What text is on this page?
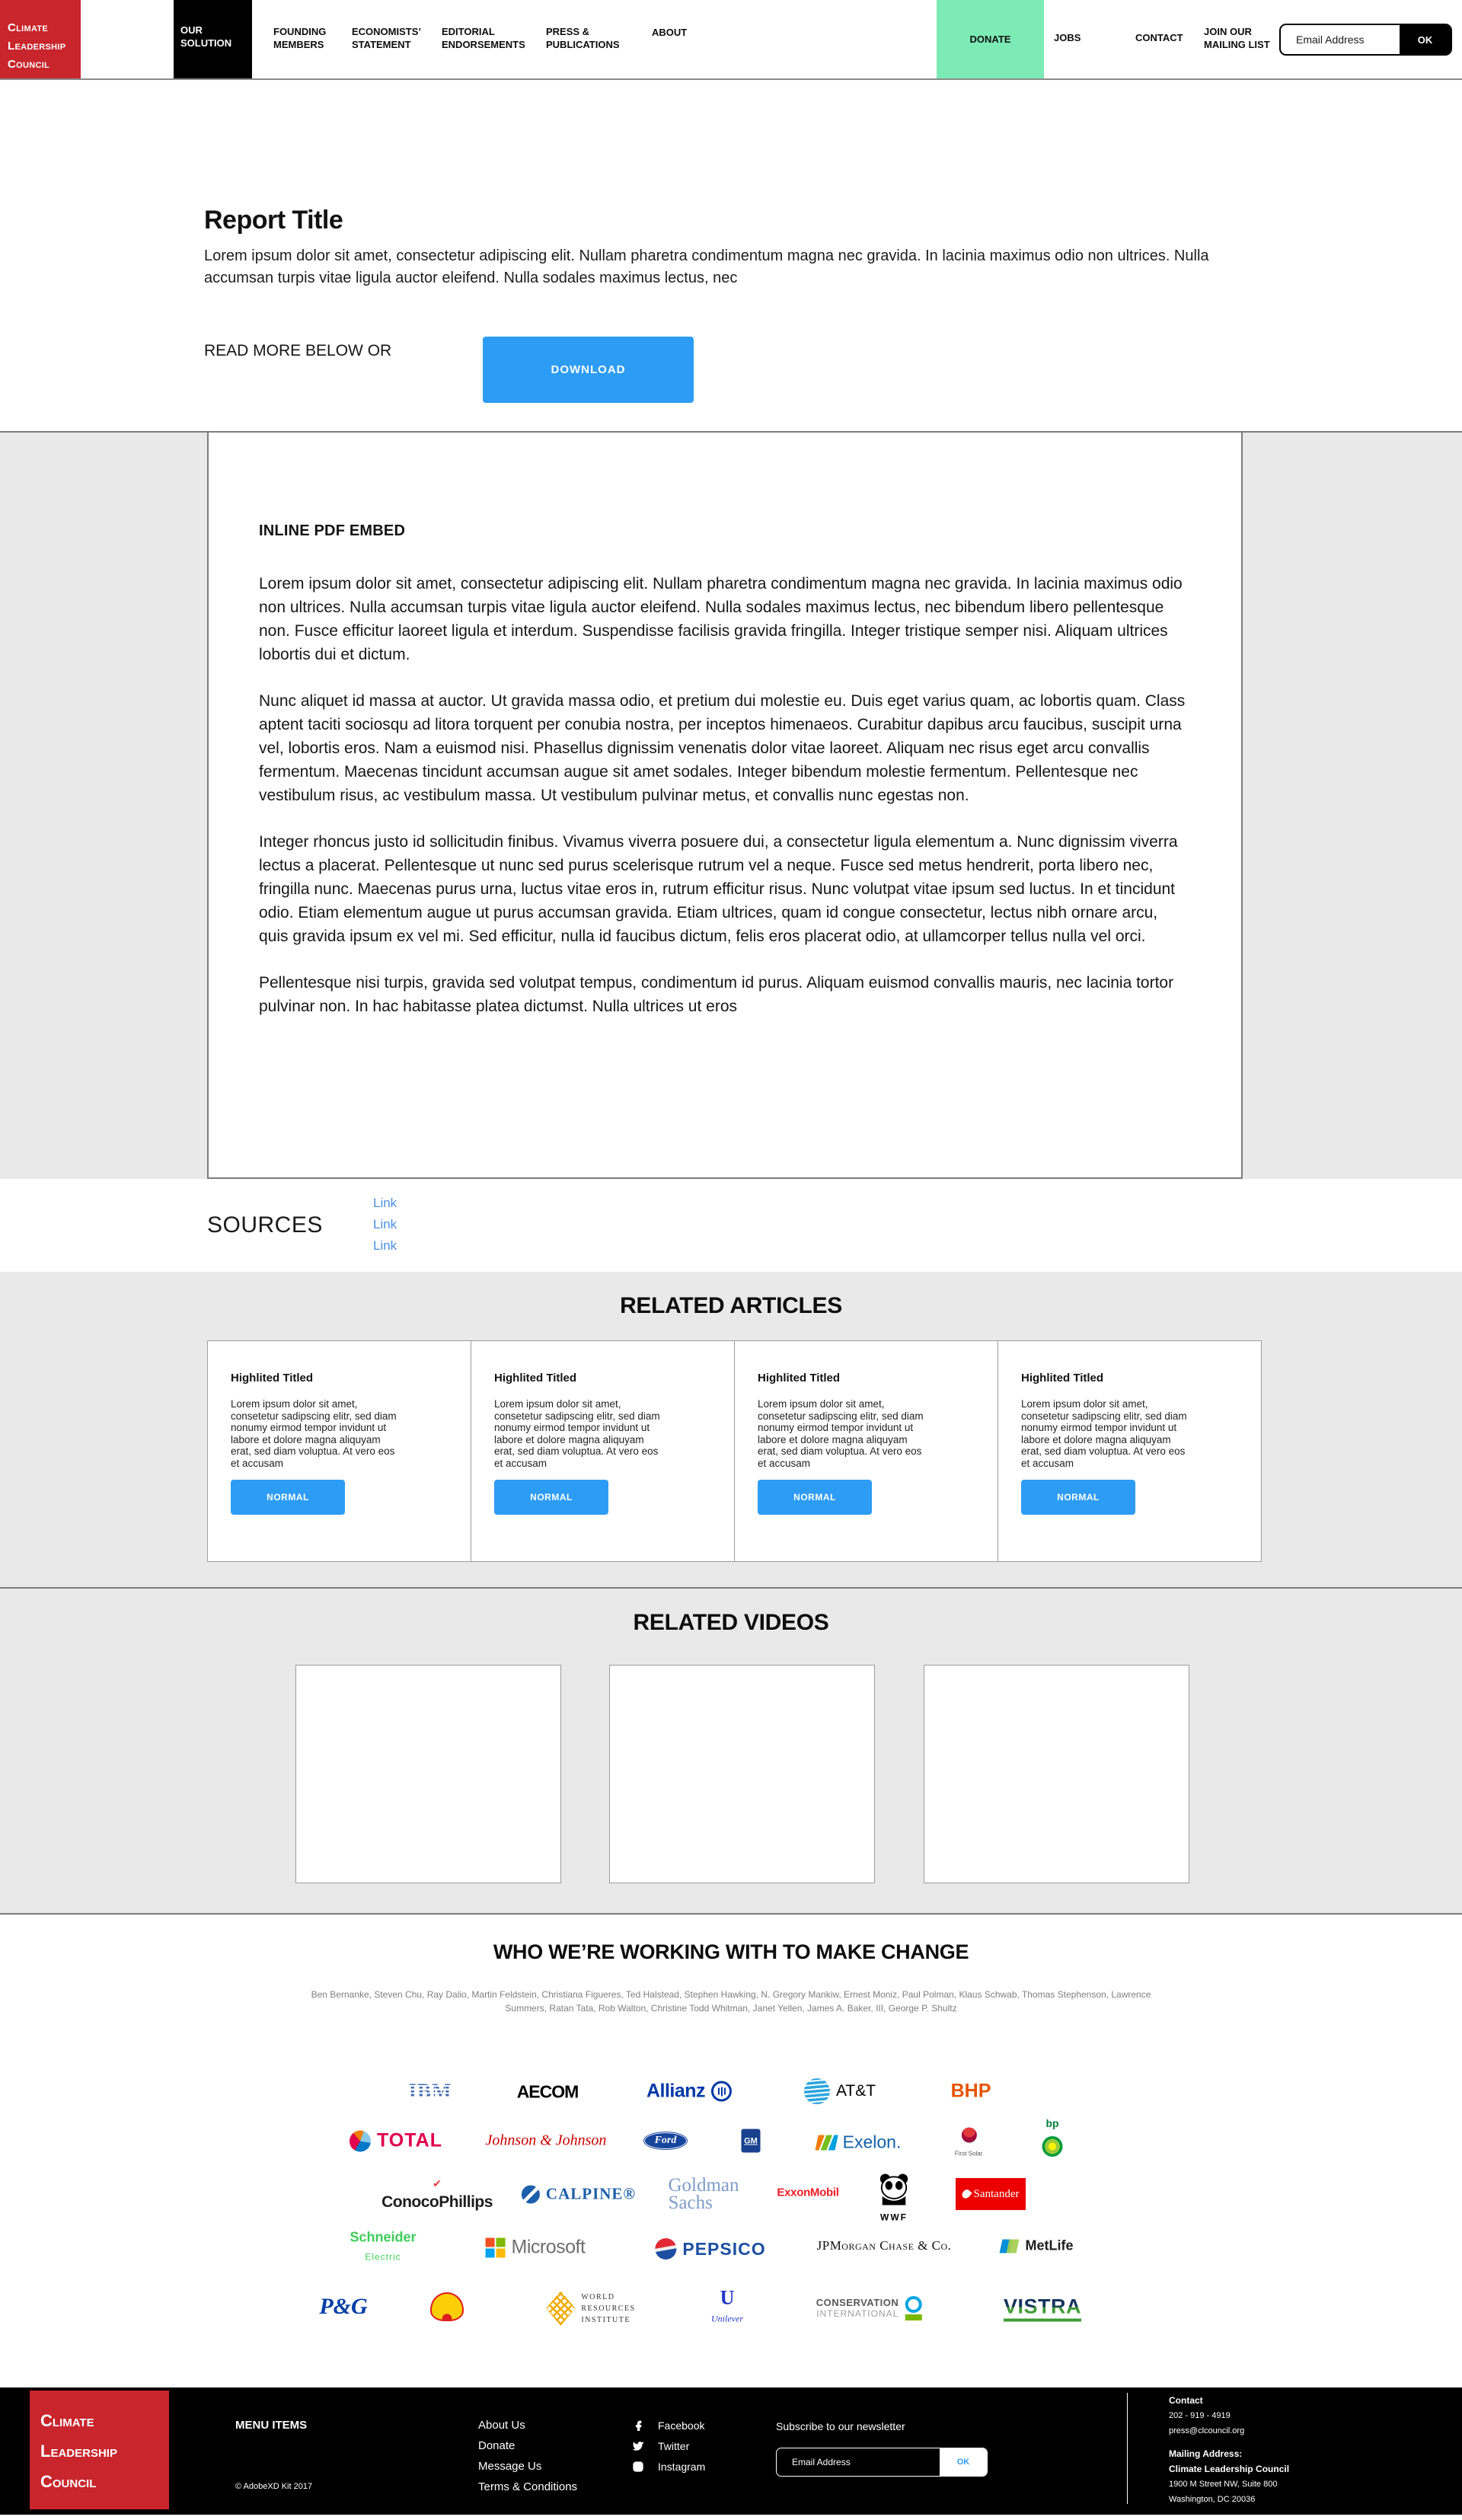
Climate
Leadership
Council
OUR SOLUTION
FOUNDING
MEMBERS
ECONOMISTS’
STATEMENT
EDITORIAL
ENDORSEMENTS
PRESS &
PUBLICATIONS
ABOUT
DONATE	JOBS	CONTACT
JOIN OUR
MAILING LIST
Email Address	OK
Report Title

Lorem ipsum dolor sit amet, consectetur adipiscing elit. Nullam pharetra condimentum magna nec gravida. In lacinia maximus odio non ultrices. Nulla accumsan turpis vitae ligula auctor eleifend. Nulla sodales maximus lectus, nec

READ MORE BELOW OR
DOWNLOAD
INLINE PDF EMBED

Lorem ipsum dolor sit amet, consectetur adipiscing elit. Nullam pharetra condimentum magna nec gravida. In lacinia maximus odio non ultrices. Nulla accumsan turpis vitae ligula auctor eleifend. Nulla sodales maximus lectus, nec bibendum libero pellentesque non. Fusce efficitur laoreet ligula et interdum. Suspendisse facilisis gravida fringilla. Integer tristique semper nisi. Aliquam ultrices lobortis dui et dictum.

Nunc aliquet id massa at auctor. Ut gravida massa odio, et pretium dui molestie eu. Duis eget varius quam, ac lobortis quam. Class aptent taciti sociosqu ad litora torquent per conubia nostra, per inceptos himenaeos. Curabitur dapibus arcu faucibus, suscipit urna vel, lobortis eros. Nam a euismod nisi. Phasellus dignissim venenatis dolor vitae laoreet. Aliquam nec risus eget arcu convallis fermentum. Maecenas tincidunt accumsan augue sit amet sodales. Integer bibendum molestie fermentum. Pellentesque nec vestibulum risus, ac vestibulum massa. Ut vestibulum pulvinar metus, et convallis nunc egestas non.

Integer rhoncus justo id sollicitudin finibus. Vivamus viverra posuere dui, a consectetur ligula elementum a. Nunc dignissim viverra lectus a placerat. Pellentesque ut nunc sed purus scelerisque rutrum vel a neque. Fusce sed metus hendrerit, porta libero nec, fringilla nunc. Maecenas purus urna, luctus vitae eros in, rutrum efficitur risus. Nunc volutpat vitae ipsum sed luctus. In et tincidunt odio. Etiam elementum augue ut purus accumsan gravida. Etiam ultrices, quam id congue consectetur, lectus nibh ornare arcu, quis gravida ipsum ex vel mi. Sed efficitur, nulla id faucibus dictum, felis eros placerat odio, at ullamcorper tellus nulla vel orci.

Pellentesque nisi turpis, gravida sed volutpat tempus, condimentum id purus. Aliquam euismod convallis mauris, nec lacinia tortor pulvinar non. In hac habitasse platea dictumst. Nulla ultrices ut eros

SOURCES
Link
Link
Link
RELATED ARTICLES
Highlited Titled

Lorem ipsum dolor sit amet, consetetur sadipscing elitr, sed diam nonumy eirmod tempor invidunt ut labore et dolore magna aliquyam erat, sed diam voluptua. At vero eos et accusam

NORMAL
Highlited Titled

Lorem ipsum dolor sit amet, consetetur sadipscing elitr, sed diam nonumy eirmod tempor invidunt ut labore et dolore magna aliquyam erat, sed diam voluptua. At vero eos et accusam

NORMAL
Highlited Titled

Lorem ipsum dolor sit amet, consetetur sadipscing elitr, sed diam nonumy eirmod tempor invidunt ut labore et dolore magna aliquyam erat, sed diam voluptua. At vero eos et accusam

NORMAL
Highlited Titled

Lorem ipsum dolor sit amet, consetetur sadipscing elitr, sed diam nonumy eirmod tempor invidunt ut labore et dolore magna aliquyam erat, sed diam voluptua. At vero eos et accusam

NORMAL
RELATED VIDEOS
WHO WE’RE WORKING WITH TO MAKE CHANGE

Ben Bernanke, Steven Chu, Ray Dalio, Martin Feldstein, Christiana Figueres, Ted Halstead, Stephen Hawking, N. Gregory Mankiw, Ernest Moniz, Paul Polman, Klaus Schwab, Thomas Stephenson, Lawrence Summers, Ratan Tata, Rob Walton, Christine Todd Whitman, Janet Yellen, James A. Baker, III, George P. Shultz

IBM	AECOM	Allianz	AT&T	BHP
TOTAL	Johnson & Johnson	Ford	GM	Exelon.
First Solar.
bp
✔
ConocoPhillips	CALPINE® Goldman
Sachs	ExxonMobil
WWF
Santander
Schneider
Electric	Microsoft	PEPSICO	JPMorgan Chase & Co.	MetLife
P&G	WORLD
RESOURCES
INSTITUTE
U
Unilever
CONSERVATION
INTERNATIONAL	VISTRA
Climate
Leadership
Council
MENU ITEMS
© AdobeXD Kit 2017
About Us
Donate
Message Us
Terms & Conditions
Facebook
Twitter
Instagram
Subscribe to our newsletter
Email Address
OK
Contact
202 - 919 - 4919
press@clcouncil.org
Mailing Address:
Climate Leadership Council
1900 M Street NW, Suite 800
Washington, DC 20036
